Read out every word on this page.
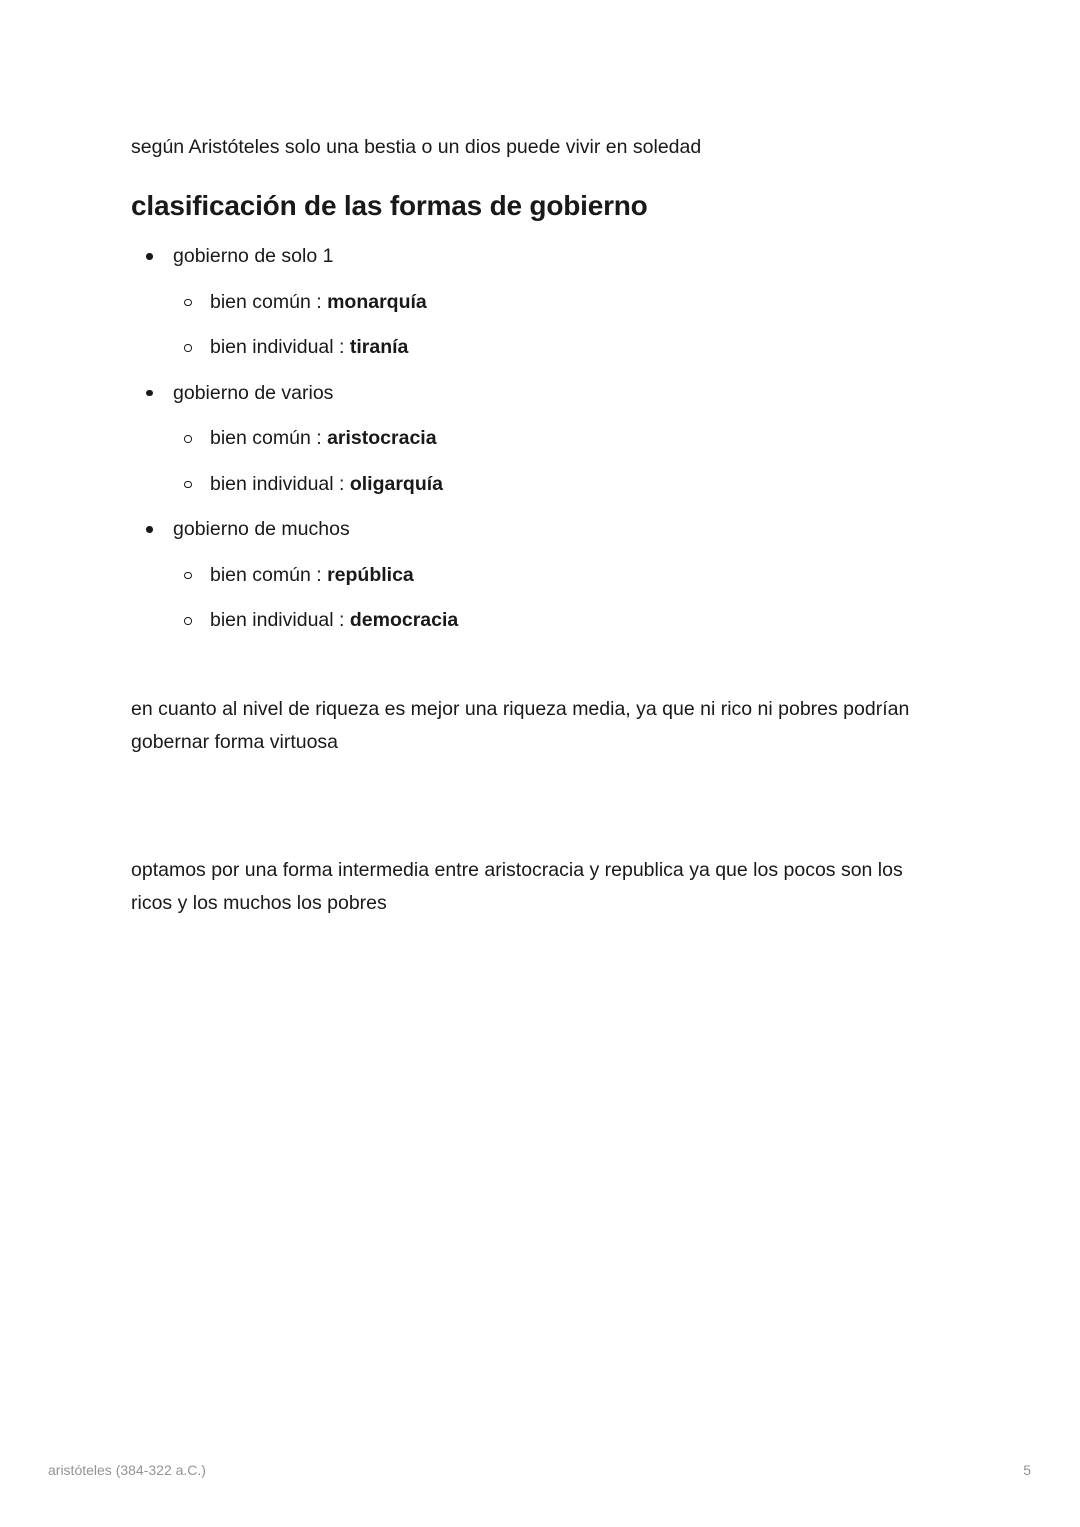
según Aristóteles solo una bestia o un dios puede vivir en soledad

clasificación de las formas de gobierno
gobierno de solo 1
bien común : monarquía
bien individual : tiranía
gobierno de varios
bien común : aristocracia
bien individual : oligarquía
gobierno de muchos
bien común : república
bien individual : democracia

en cuanto al nivel de riqueza es mejor una riqueza media, ya que ni rico ni pobres podrían gobernar forma virtuosa

optamos por una forma intermedia entre aristocracia y republica ya que los pocos son los ricos y los muchos los pobres

aristóteles (384-322 a.C.)	5
